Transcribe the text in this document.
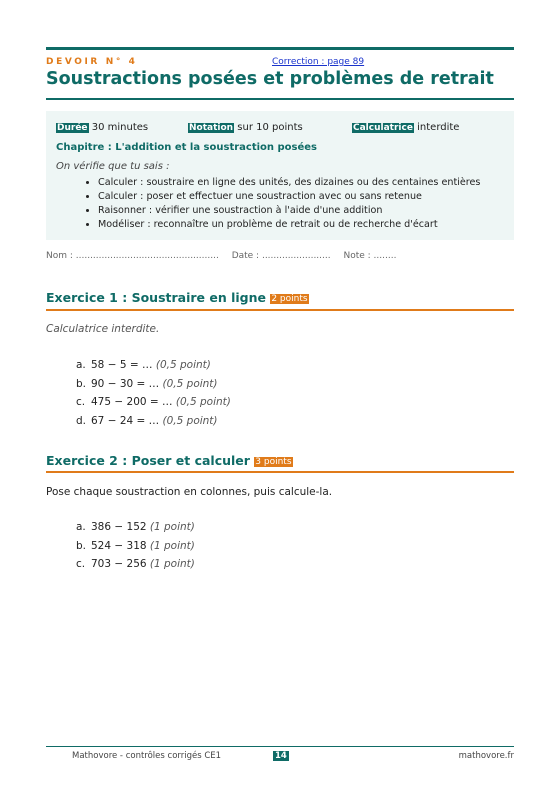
DEVOIR N° 4	Correction : page 89
Soustractions posées et problèmes de retrait
Durée 30 minutes	Notation sur 10 points	Calculatrice interdite
Chapitre : L'addition et la soustraction posées
On vérifie que tu sais :
• Calculer : soustraire en ligne des unités, des dizaines ou des centaines entières
• Calculer : poser et effectuer une soustraction avec ou sans retenue
• Raisonner : vérifier une soustraction à l'aide d'une addition
• Modéliser : reconnaître un problème de retrait ou de recherche d'écart
Nom : .................................................. Date : ........................ Note : ........
Exercice 1 : Soustraire en ligne 2 points
Calculatrice interdite.
a. 58 − 5 = … (0,5 point)
b. 90 − 30 = … (0,5 point)
c. 475 − 200 = … (0,5 point)
d. 67 − 24 = … (0,5 point)
Exercice 2 : Poser et calculer 3 points
Pose chaque soustraction en colonnes, puis calcule-la.
a. 386 − 152 (1 point)
b. 524 − 318 (1 point)
c. 703 − 256 (1 point)
Mathovore - contrôles corrigés CE1	14	mathovore.fr
